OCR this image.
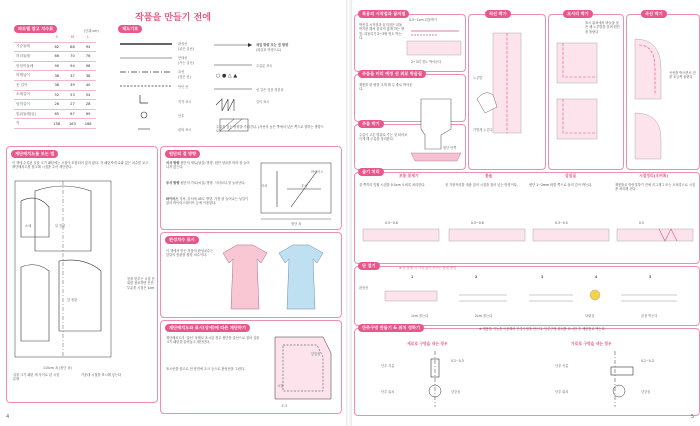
작품을 만들기 전에
파트별 참고 치수표	(단위:cm)
	S	M	L
가슴둘레	82	88	94
허리둘레	66	70	76
엉덩이둘레	90	94	98
어깨넓이	36	37	38
옷 길이	38	39	40
소매길이	52	53	54
암허길이	26	27	28
밑위둘레(앞)	65	67	69
키	158	163	168
제도기호
완성선
(굵은 실선)
안내선
(가는 실선)
골선
(접은 선)
안단 선
직각 표시
단추
핀턱 표시
○ ● △ ▲
세일 방향 또는 결 방향
(화살표 방향으로)
주름분 표시
선 같은 것을 정한다
길이 표시
주름을 접는 방향을 가리킨다. (사선의 높은 쪽에서 낮은 쪽으로 향하는 방향으로)
재단배치도를 보는 법
이 책에 수록된 실물 크기 패턴에는 시침이 포함되어 있지 않다. 각 패턴지에 나와 있는 치수를 보고 재단배치도를 참고해 시접을 주어 재단한다.
뒤 몸판
앞 몸판
소매
110cm 폭 (원단 폭)
천을 맞추는 시접 단위를 참조하면 옷단부분을 시접은 1cm
실물 크기 패턴 재 사이로 된 시접분량
가운데 시접을 표시해 넣는다
원단의 결 방향
식서 방향 원단의 세로(날실) 방향. 원단 양끝을 따라 잘 늘어나지 않는다.
푸서 방향 원단의 가로(씨실) 방향. 식서보다 잘 늘어난다.
바이어스 식서, 푸서에 45도 방향. 가장 잘 늘어나는 성질이 있어 바이어스테이프 등에 이용된다.
식서	푸서
바이어스
원단 폭
완성치수 표시
이 책에서 만든 작품의 완성치수는 앞뒤의 몸판을 합한 치수이다.
재단배치도와 표시(상세)에 따른 재단하기
재단배치도의 ‘골선’ 상태로 표시된 경우 원단을 골선으로 접어 실물 크기 패턴을 올려놓고 재단한다.
표시선을 참고로 천 양면에 초크 등으로 완성선을 그린다.
시접
앞중심
초크
4
복용의 시작점과 끝지점
박음질 시작점과 끝지점은 되돌박기를 해서 풀리지 않게 하는 방법. 되돌리기 2~3땀 정도 박는다.
0.5~1cm 되돌박기
2~3회 정도 박아둔다
주름을 미리 예정 선 위로 박음질
재봉틀 한 땀을 크게 해 두 줄로 박아둔다.
주름 박기
주름이 고른 범위로 가는 것 되어보이게 해 주름을 정리한다.
원단 안쪽
직선 박기
노루발
가볍게 누른다
모서리 박기
표시 위치에서 바늘을 꽂은 채 노루발을 올려 원단을 돌린다
곡선 박기
곡선을 박으면서 천을 조금씩 돌린다
솔기 처리
보통 봉제기	통솔	감침질	시접정리(오버록)
겉 쪽끼리 맞춰 시접을 0.5cm 오버록 처리한다.	천 가장자리를 대충 접어 시접을 접어 넣는 방법이다.	원단 1~2mm 바깥 쪽으로 돌리 감아 박는다.	재봉틀로 박음질하기 전에 지그재그 또는 오버록으로 시접을 처리해 둔다.
0.5~0.6	0.5~0.6	0.3~0.5	0.5
단 접기	※ 단 봉제 시 가장 많이 쓰이는 봉제 방법
1	2	3	4	5
완성선
1cm 접는다	2cm 접는다	다림질	끝을 박는다
단추구멍 만들기 & 위치 정하기	※ 재봉틀 기능을 이용해서 단추구멍을 만든다. 단추구멍 위치를 표시한 후 재봉틀로 박는다.
세로로 구멍을 내는 경우	가로로 구멍을 내는 경우
단추 지름
0.2~0.3
단추 위치	앞중심
단추 지름
0.2~0.3
단추 위치	앞중심
5
